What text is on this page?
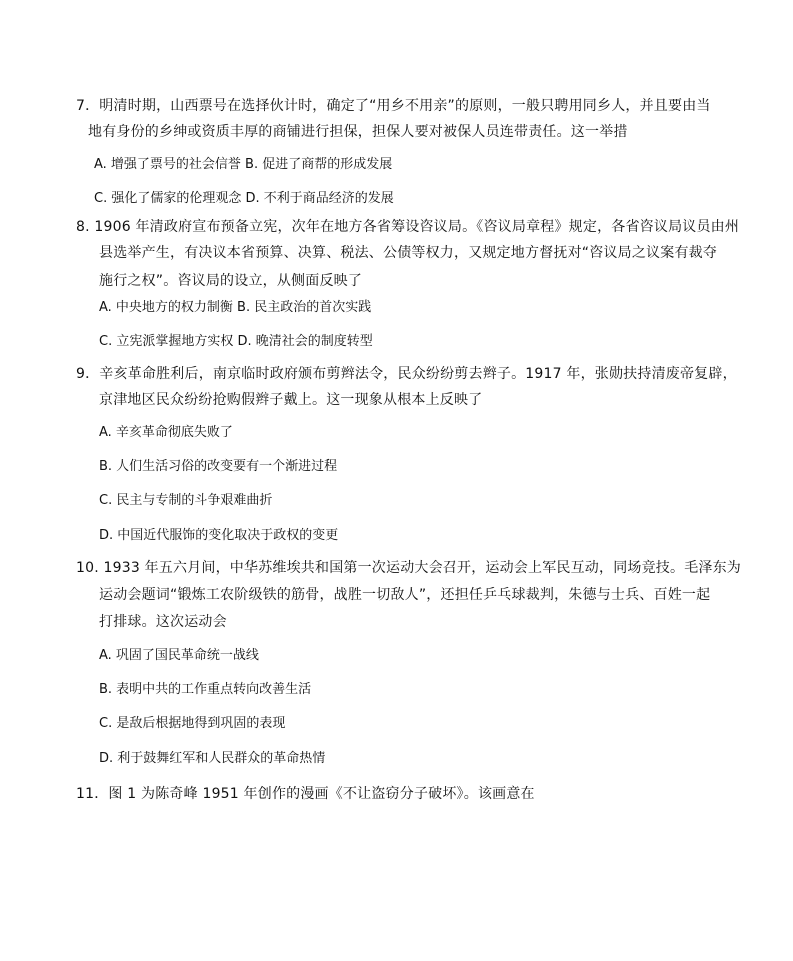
7．明清时期，山西票号在选择伙计时，确定了“用乡不用亲”的原则，一般只聘用同乡人，并且要由当
地有身份的乡绅或资质丰厚的商铺进行担保，担保人要对被保人员连带责任。这一举措
A. 增强了票号的社会信誉 B. 促进了商帮的形成发展
C. 强化了儒家的伦理观念 D. 不利于商品经济的发展
8. 1906 年清政府宣布预备立宪，次年在地方各省筹设咨议局。《咨议局章程》规定，各省咨议局议员由州
县选举产生，有决议本省预算、决算、税法、公债等权力，又规定地方督抚对“咨议局之议案有裁夺
施行之权”。咨议局的设立，从侧面反映了
A. 中央地方的权力制衡 B. 民主政治的首次实践
C. 立宪派掌握地方实权 D. 晚清社会的制度转型
9．辛亥革命胜利后，南京临时政府颁布剪辫法令，民众纷纷剪去辫子。1917 年，张勋扶持清废帝复辟，
京津地区民众纷纷抢购假辫子戴上。这一现象从根本上反映了
A. 辛亥革命彻底失败了
B. 人们生活习俗的改变要有一个渐进过程
C. 民主与专制的斗争艰难曲折
D. 中国近代服饰的变化取决于政权的变更
10. 1933 年五六月间，中华苏维埃共和国第一次运动大会召开，运动会上军民互动，同场竞技。毛泽东为
运动会题词“锻炼工农阶级铁的筋骨，战胜一切敌人”，还担任乒乓球裁判，朱德与士兵、百姓一起
打排球。这次运动会
A. 巩固了国民革命统一战线
B. 表明中共的工作重点转向改善生活
C. 是敌后根据地得到巩固的表现
D. 利于鼓舞红军和人民群众的革命热情
11．图 1 为陈奇峰 1951 年创作的漫画《不让盗窃分子破坏》。该画意在
